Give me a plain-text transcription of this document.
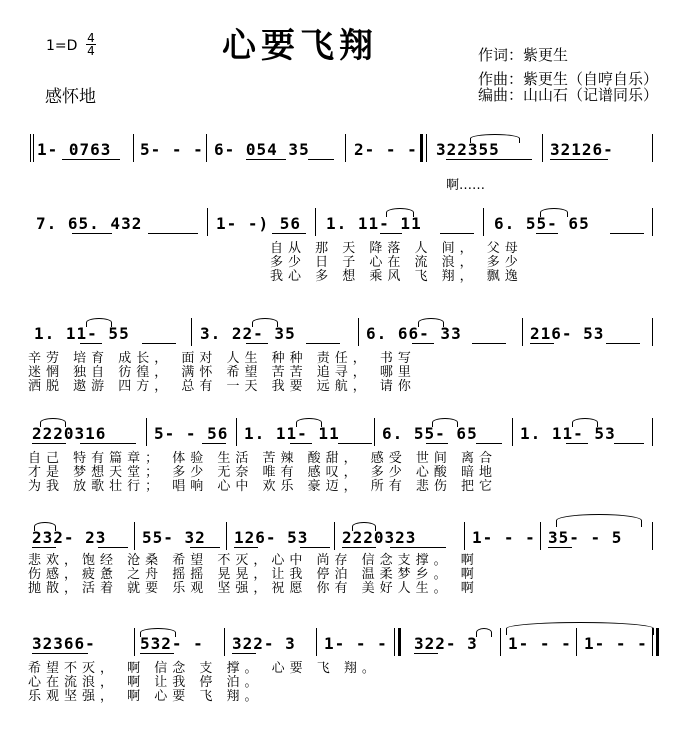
心要飞翔
1=D 4
4
感怀地
作词：紫更生
作曲：紫更生（自哼自乐）
编曲：山山石（记谱同乐）
1- 0763 5- - - 6- 054 35	2- - - 322355	32126-
啊……
7. 65. 432	1- -) 56 1. 11- 11	6. 55- 65
自从 那 天 降落 人 间， 父母
多少 日 子 心在 流 浪， 多少
我心 多 想 乘风 飞 翔， 飘逸
1. 11- 55	3. 22- 35	6. 66- 33	216- 53
辛劳 培育 成长， 面对 人生 种种 责任， 书写
迷惘 独自 彷徨， 满怀 希望 苦苦 追寻， 哪里
洒脱 遨游 四方， 总有 一天 我要 远航， 请你
2220316	5- - 56 1. 11- 11	6. 55- 65	1. 11- 53
自己 特有篇章； 体验 生活 苦辣 酸甜， 感受 世间 离合
才是 梦想天堂； 多少 无奈 唯有 感叹， 多少 心酸 暗地
为我 放歌壮行； 唱响 心中 欢乐 豪迈， 所有 悲伤 把它
232- 23 55- 32 126- 53 2220323	1- - - 35- - 5
悲欢，饱经 沧桑 希望 不灭，心中 尚存 信念支撑。 啊
伤感，疲惫 之舟 摇摇 晃晃，让我 停泊 温柔梦乡。 啊
抛散，活着 就要 乐观 坚强，祝愿 你有 美好人生。 啊
32366-	532- - 322- 3 1- - - 322- 3 1- - - 1- - -
希望不灭， 啊 信念 支 撑。 心要 飞 翔。
心在流浪， 啊 让我 停 泊。
乐观坚强， 啊 心要 飞 翔。
